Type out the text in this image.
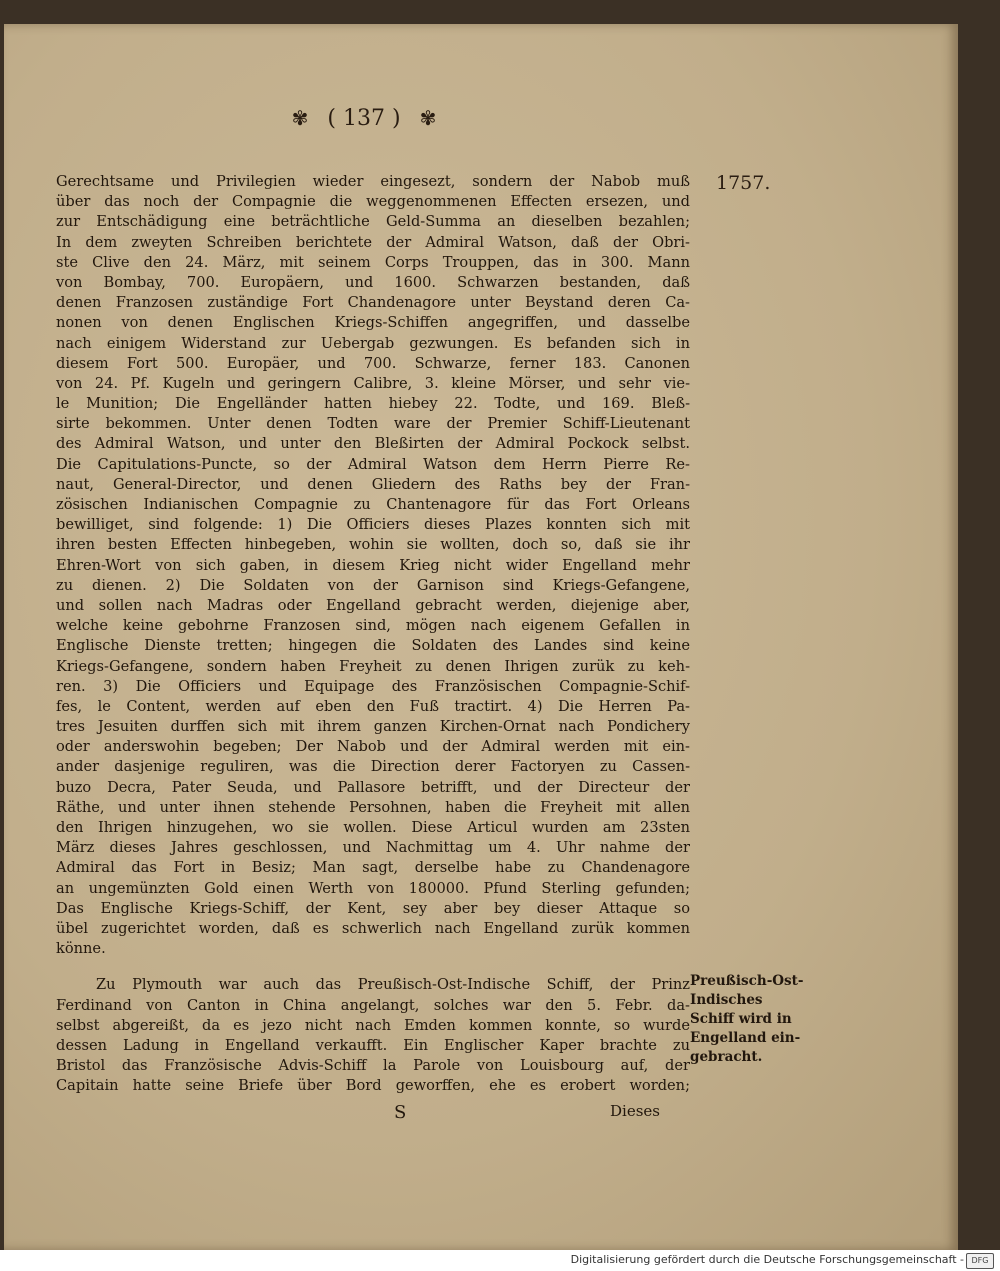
✾ ( 137 ) ✾
1757.
Gerechtsame und Privilegien wieder eingesezt, sondern der Nabob muß
über das noch der Compagnie die weggenommenen Effecten ersezen, und
zur Entschädigung eine beträchtliche Geld-Summa an dieselben bezahlen;
In dem zweyten Schreiben berichtete der Admiral Watson, daß der Obri-
ste Clive den 24. März, mit seinem Corps Trouppen, das in 300. Mann
von Bombay, 700. Europäern, und 1600. Schwarzen bestanden, daß
denen Franzosen zuständige Fort Chandenagore unter Beystand deren Ca-
nonen von denen Englischen Kriegs-Schiffen angegriffen, und dasselbe
nach einigem Widerstand zur Uebergab gezwungen. Es befanden sich in
diesem Fort 500. Europäer, und 700. Schwarze, ferner 183. Canonen
von 24. Pf. Kugeln und geringern Calibre, 3. kleine Mörser, und sehr vie-
le Munition; Die Engelländer hatten hiebey 22. Todte, und 169. Bleß-
sirte bekommen. Unter denen Todten ware der Premier Schiff-Lieutenant
des Admiral Watson, und unter den Bleßirten der Admiral Pockock selbst.
Die Capitulations-Puncte, so der Admiral Watson dem Herrn Pierre Re-
naut, General-Director, und denen Gliedern des Raths bey der Fran-
zösischen Indianischen Compagnie zu Chantenagore für das Fort Orleans
bewilliget, sind folgende: 1) Die Officiers dieses Plazes konnten sich mit
ihren besten Effecten hinbegeben, wohin sie wollten, doch so, daß sie ihr
Ehren-Wort von sich gaben, in diesem Krieg nicht wider Engelland mehr
zu dienen. 2) Die Soldaten von der Garnison sind Kriegs-Gefangene,
und sollen nach Madras oder Engelland gebracht werden, diejenige aber,
welche keine gebohrne Franzosen sind, mögen nach eigenem Gefallen in
Englische Dienste tretten; hingegen die Soldaten des Landes sind keine
Kriegs-Gefangene, sondern haben Freyheit zu denen Ihrigen zurük zu keh-
ren. 3) Die Officiers und Equipage des Französischen Compagnie-Schif-
fes, le Content, werden auf eben den Fuß tractirt. 4) Die Herren Pa-
tres Jesuiten durffen sich mit ihrem ganzen Kirchen-Ornat nach Pondichery
oder anderswohin begeben; Der Nabob und der Admiral werden mit ein-
ander dasjenige reguliren, was die Direction derer Factoryen zu Cassen-
buzo Decra, Pater Seuda, und Pallasore betrifft, und der Directeur der
Räthe, und unter ihnen stehende Persohnen, haben die Freyheit mit allen
den Ihrigen hinzugehen, wo sie wollen. Diese Articul wurden am 23sten
März dieses Jahres geschlossen, und Nachmittag um 4. Uhr nahme der
Admiral das Fort in Besiz; Man sagt, derselbe habe zu Chandenagore
an ungemünzten Gold einen Werth von 180000. Pfund Sterling gefunden;
Das Englische Kriegs-Schiff, der Kent, sey aber bey dieser Attaque so
übel zugerichtet worden, daß es schwerlich nach Engelland zurük kommen
könne.
Zu Plymouth war auch das Preußisch-Ost-Indische Schiff, der Prinz
Ferdinand von Canton in China angelangt, solches war den 5. Febr. da-
selbst abgereißt, da es jezo nicht nach Emden kommen konnte, so wurde
dessen Ladung in Engelland verkaufft. Ein Englischer Kaper brachte zu
Bristol das Französische Advis-Schiff la Parole von Louisbourg auf, der
Capitain hatte seine Briefe über Bord geworffen, ehe es erobert worden;
Preußisch-Ost-
Indisches
Schiff wird in
Engelland ein-
gebracht.
S	Dieses
Digitalisierung gefördert durch die Deutsche Forschungsgemeinschaft - DFG
